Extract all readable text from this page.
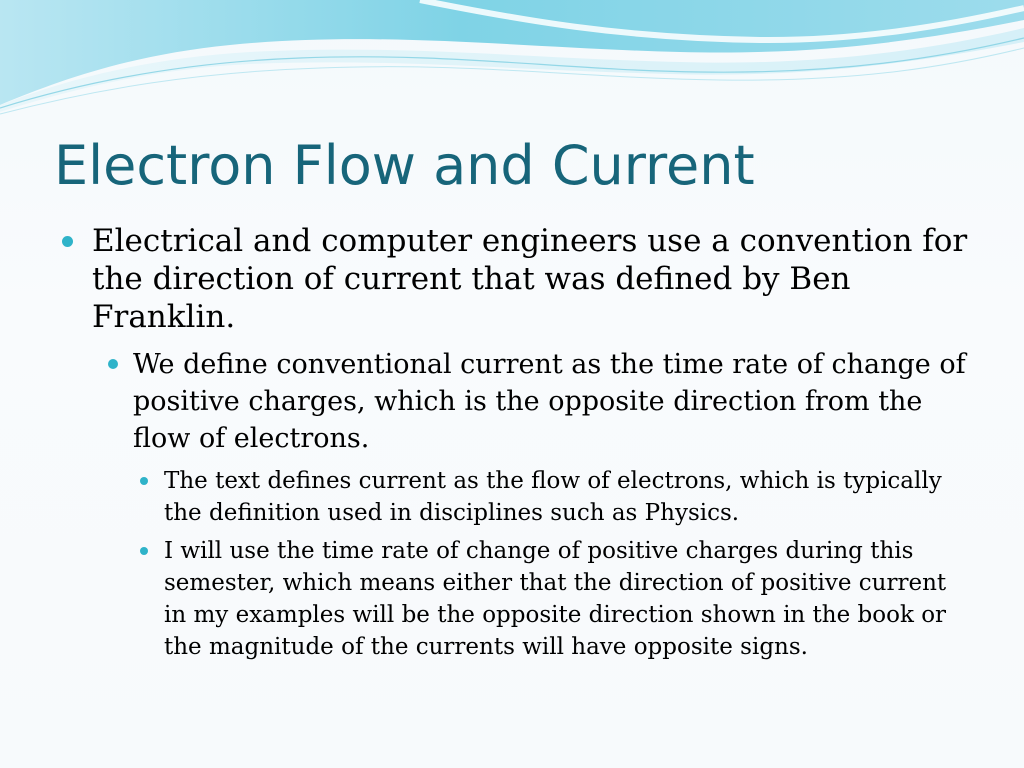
Electron Flow and Current
Electrical and computer engineers use a convention for the direction of current that was defined by Ben Franklin.
We define conventional current as the time rate of change of positive charges, which is the opposite direction from the flow of electrons.
The text defines current as the flow of electrons, which is typically the definition used in disciplines such as Physics.
I will use the time rate of change of positive charges during this semester, which means either that the direction of positive current in my examples will be the opposite direction shown in the book or the magnitude of the currents will have opposite signs.
